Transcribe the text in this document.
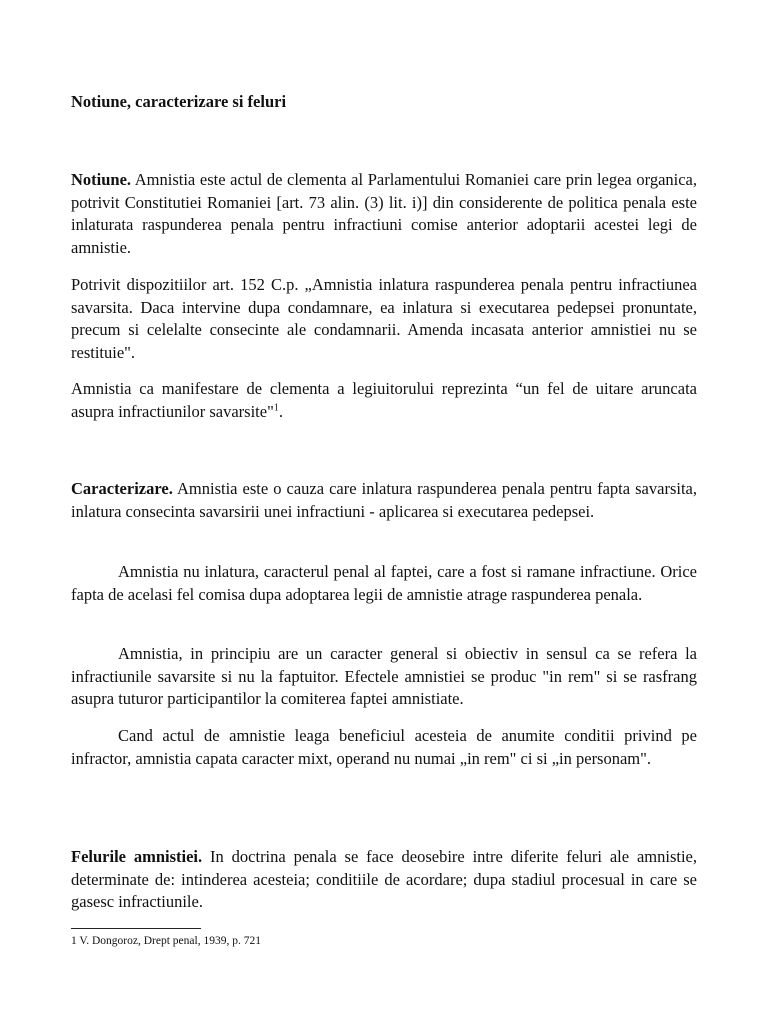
Notiune, caracterizare si feluri

Notiune. Amnistia este actul de clementa al Parlamentului Romaniei care prin legea organica, potrivit Constitutiei Romaniei [art. 73 alin. (3) lit. i)] din considerente de politica penala este inlaturata raspunderea penala pentru infractiuni comise anterior adoptarii acestei legi de amnistie.

Potrivit dispozitiilor art. 152 C.p. „Amnistia inlatura raspunderea penala pentru infractiunea savarsita. Daca intervine dupa condamnare, ea inlatura si executarea pedepsei pronuntate, precum si celelalte consecinte ale condamnarii. Amenda incasata anterior amnistiei nu se restituie".

Amnistia ca manifestare de clementa a legiuitorului reprezinta “un fel de uitare aruncata asupra infractiunilor savarsite"$^1$.

Caracterizare. Amnistia este o cauza care inlatura raspunderea penala pentru fapta savarsita, inlatura consecinta savarsirii unei infractiuni - aplicarea si executarea pedepsei.

Amnistia nu inlatura, caracterul penal al faptei, care a fost si ramane infractiune. Orice fapta de acelasi fel comisa dupa adoptarea legii de amnistie atrage raspunderea penala.

Amnistia, in principiu are un caracter general si obiectiv in sensul ca se refera la infractiunile savarsite si nu la faptuitor. Efectele amnistiei se produc "in rem" si se rasfrang asupra tuturor participantilor la comiterea faptei amnistiate.

Cand actul de amnistie leaga beneficiul acesteia de anumite conditii privind pe infractor, amnistia capata caracter mixt, operand nu numai „in rem" ci si „in personam".

Felurile amnistiei. In doctrina penala se face deosebire intre diferite feluri ale amnistie, determinate de: intinderea acesteia; conditiile de acordare; dupa stadiul procesual in care se gasesc infractiunile.

1 V. Dongoroz, Drept penal, 1939, p. 721
